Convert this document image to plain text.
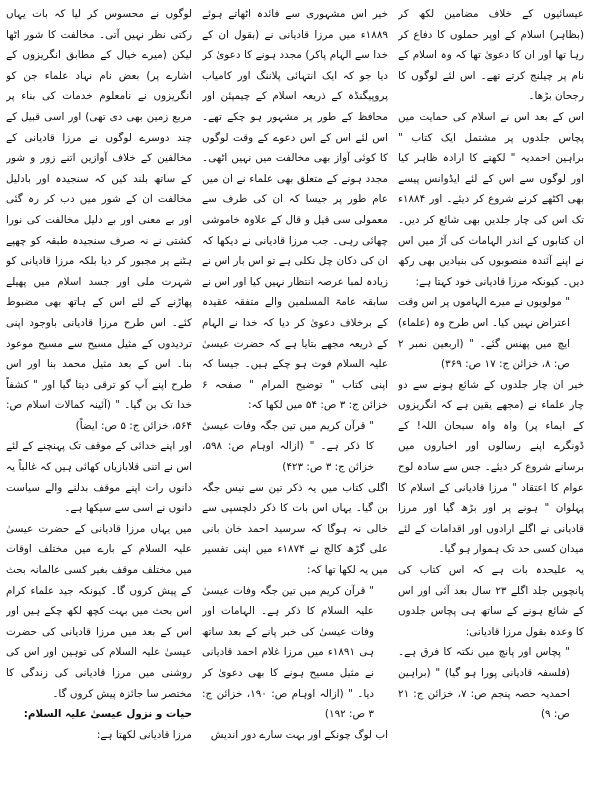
عیسائیوں کے خلاف مضامین لکھ کر (بظاہر) اسلام کے اوپر حملوں کا دفاع کر رہا تھا اور ان کا دعویٰ تھا کہ وہ اسلام کے نام پر چیلنج کرتے تھے۔ اس لئے لوگوں کا رجحان بڑھا۔

اس کے بعد اس نے اسلام کی حمایت میں پچاس جلدوں پر مشتمل ایک کتاب " براہین احمدیہ " لکھنے کا ارادہ ظاہر کیا اور لوگوں سے اس کے لئے ایڈوانس پیسے بھی اکٹھے کرنے شروع کر دیئے۔ اور ۱۸۸۴ء تک اس کی چار جلدیں بھی شائع کر دیں۔ ان کتابوں کے اندر الہامات کی آڑ میں اس نے اپنے آئندہ منصوبوں کی بنیادیں بھی رکھ دیں۔ کیونکہ مرزا قادیانی خود کہتا ہے:

" مولویوں نے میرے الہاموں پر اس وقت اعتراض نہیں کیا۔ اس طرح وہ (علماء) ایچ میں پھنس گئے۔ " (اربعین نمبر ۲ ص: ۸، خزائن ج: ۱۷ ص: ۳۶۹)

خیر ان چار جلدوں کے شائع ہونے سے دو چار علماء نے (مجھے یقین ہے کہ انگریزوں کے ایماء پر) واہ واہ سبحان اللہ! کے ڈونگرے اپنے رسالوں اور اخباروں میں برسانے شروع کر دیئے۔ جس سے سادہ لوح عوام کا اعتقاد " مرزا قادیانی کے اسلام کا پہلوان " ہونے پر اور بڑھ گیا اور مرزا قادیانی نے اگلے ارادوں اور اقدامات کے لئے میدان کسی حد تک ہموار ہو گیا۔

یہ علیحدہ بات ہے کہ اس کتاب کی پانچویں جلد اگلے ۲۳ سال بعد آئی اور اس کے شائع ہونے کے ساتھ ہی پچاس جلدوں کا وعدہ بقول مرزا قادیانی:

" پچاس اور پانچ میں نکتہ کا فرق ہے۔ (فلسفہ قادیانی پورا ہو گیا) " (براہین احمدیہ حصہ پنجم ص: ۷، خزائن ج: ۲۱ ص: ۹)

خیر اس مشہوری سے فائدہ اٹھاتے ہوئے ۱۸۸۹ء میں مرزا قادیانی نے (بقول ان کے خدا سے الہام پاکر) مجدد ہونے کا دعویٰ کر دیا جو کہ ایک انتہائی پلاننگ اور کامیاب پروپیگنڈہ کے ذریعہ اسلام کے چیمپئن اور محافظ کے طور پر مشہور ہو چکے تھے۔ اس لئے اس کے اس دعوے کے وقت لوگوں کا کوئی آواز بھی مخالفت میں نہیں اٹھی۔ مجدد ہونے کے متعلق بھی علماء نے ان میں عام طور پر جیسا کہ ان کی طرف سے معمولی سی قیل و قال کے علاوہ خاموشی چھائی رہی۔ جب مرزا قادیانی نے دیکھا کہ ان کی دکان چل نکلی ہے تو اس بار اس نے زیادہ لمبا عرصہ انتظار نہیں کیا اور اس نے سابقہ عامۃ المسلمین والے متفقہ عقیدہ کے برخلاف دعویٰ کر دیا کہ خدا نے الہام کے ذریعہ مجھے بتایا ہے کہ حضرت عیسیٰ علیہ السلام فوت ہو چکے ہیں۔ جیسا کہ اپنی کتاب " توضیح المرام " صفحہ ۶ خزائن ج: ۳ ص: ۵۴ میں لکھا کہ:

" قرآن کریم میں تین جگہ وفات عیسیٰ کا ذکر ہے۔ " (ازالہ اوہام ص: ۵۹۸، خزائن ج: ۳ ص: ۴۲۳)

اگلی کتاب میں یہ ذکر تین سے تیس جگہ بن گیا۔ یہاں اس بات کا ذکر دلچسپی سے خالی نہ ہوگا کہ سرسید احمد خان بانی علی گڑھ کالج نے ۱۸۷۴ء میں اپنی تفسیر میں یہ لکھا تھا کہ:

" قرآن کریم میں تین جگہ وفات عیسیٰ علیہ السلام کا ذکر ہے۔ الہامات اور وفات عیسیٰ کی خبر پانے کے بعد ساتھ ہی ۱۸۹۱ء میں مرزا غلام احمد قادیانی نے مثیل مسیح ہونے کا بھی دعویٰ کر دیا۔ " (ازالہ اوہام ص: ۱۹۰، خزائن ج: ۳ ص: ۱۹۲)

اب لوگ چونکے اور بہت سارے دور اندیش

لوگوں نے محسوس کر لیا کہ بات یہاں رکتی نظر نہیں آتی۔ مخالفت کا شور اٹھا لیکن (میرے خیال کے مطابق انگریزوں کے اشارے پر) بعض نام نہاد علماء جن کو انگریزوں نے نامعلوم خدمات کی بناء پر مربع زمین بھی دی تھی) اور اسی قبیل کے چند دوسرے لوگوں نے مرزا قادیانی کے مخالفین کے خلاف آوازیں اتنے زور و شور کے ساتھ بلند کیں کہ سنجیدہ اور بادلیل مخالفت ان کے شور میں دب کر رہ گئی اور بے معنی اور بے دلیل مخالفت کی نورا کشتی نے نہ صرف سنجیدہ طبقہ کو چھپے ہٹنے پر مجبور کر دیا بلکہ مرزا قادیانی کو شہرت ملی اور جسد اسلام میں پھیلے پھاڑنے کے لئے اس کے ہاتھ بھی مضبوط کئے۔ اس طرح مرزا قادیانی باوجود اپنی تردیدوں کے مثیل مسیح سے مسیح موعود بنا۔ اس کے بعد مثیل محمد بنا اور اس طرح اپنے آپ کو ترقی دیتا گیا اور " کشفاً خدا تک بن گیا۔ " (آئینہ کمالات اسلام ص: ۵۶۴، خزائن ج: ۵ ص: ایضاً)

اور اپنے خدائی کے موقف تک پہنچنے کے لئے اس نے اتنی قلابازیاں کھائی ہیں کہ غالباً یہ دانوں رات اپنے موقف بدلنے والے سیاست دانوں نے اسی سے سیکھا ہے۔

میں یہاں مرزا قادیانی کے حضرت عیسیٰ علیہ السلام کے بارے میں مختلف اوقات میں مختلف موقف بغیر کسی عالمانہ بحث کے پیش کروں گا۔ کیونکہ جید علماء کرام اس بحث میں بہت کچھ لکھ چکے ہیں اور اس کے بعد میں مرزا قادیانی کی حضرت عیسیٰ علیہ السلام کی توہین اور اس کی روشنی میں مرزا قادیانی کی زندگی کا مختصر سا جائزہ پیش کروں گا۔

حیات و نزول عیسیٰ علیہ السلام:

مرزا قادیانی لکھتا ہے:
